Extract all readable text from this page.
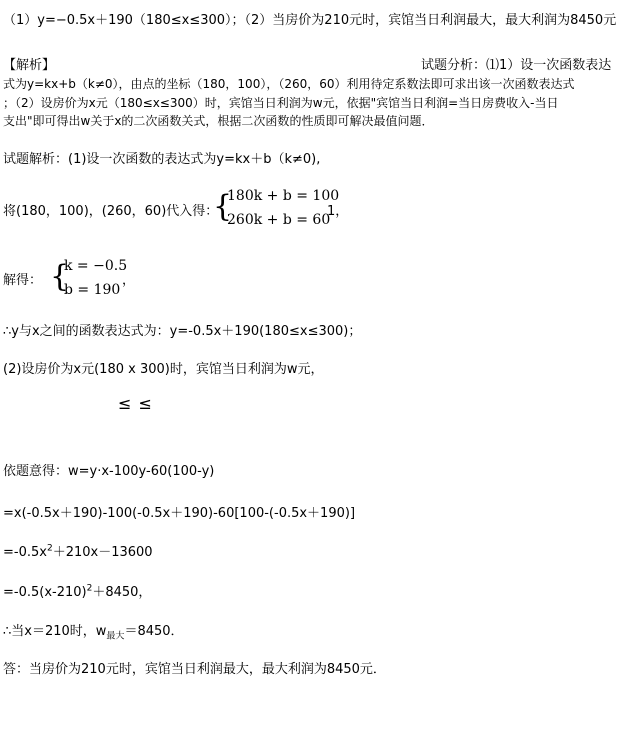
（1）y=−0.5x＋190（180≤x≤300）；（2）当房价为210元时，宾馆当日利润最大，最大利润为8450元
【解析】	试题分析：⑴1）设一次函数表达
式为y=kx+b（k≠0），由点的坐标（180，100），（260，60）利用待定系数法即可求出该一次函数表达式
；（2）设房价为x元（180≤x≤300）时，宾馆当日利润为w元，依据"宾馆当日利润=当日房费收入-当日
支出"即可得出w关于x的二次函数关式，根据二次函数的性质即可解决最值问题．
试题解析：(1)设一次函数的表达式为y=kx＋b（k≠0),
将(180，100)，(260，60)代入得：
{
180k + b = 100
260k + b = 60
1，
解得： {
k = −0.5
b = 190
，
∴y与x之间的函数表达式为：y=-0.5x＋190(180≤x≤300)；
(2)设房价为x元(180 x 300)时，宾馆当日利润为w元，
≤ ≤
依题意得：w=y·x-100y-60(100-y)
=x(-0.5x＋190)-100(-0.5x＋190)-60[100-(-0.5x＋190)]
$=-0.5x^2+210x-13600$
$=-0.5(x-210)^2+8450$，
∴当x＝210时，$w_{最大}=8450$．
答：当房价为210元时，宾馆当日利润最大，最大利润为8450元．
